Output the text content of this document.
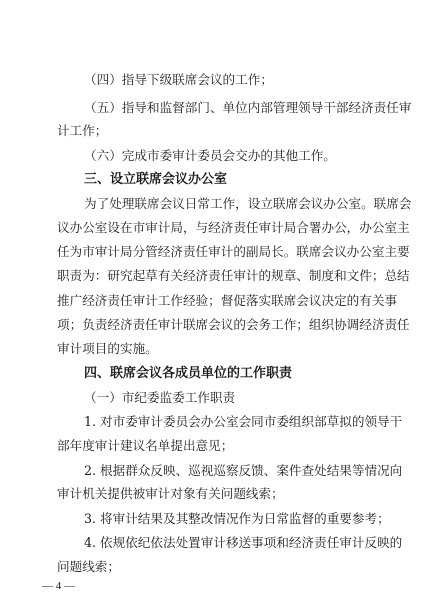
（四）指导下级联席会议的工作；
（五）指导和监督部门、单位内部管理领导干部经济责任审
计工作；
（六）完成市委审计委员会交办的其他工作。
三、设立联席会议办公室
为了处理联席会议日常工作，设立联席会议办公室。联席会
议办公室设在市审计局，与经济责任审计局合署办公，办公室主
任为市审计局分管经济责任审计的副局长。联席会议办公室主要
职责为：研究起草有关经济责任审计的规章、制度和文件；总结
推广经济责任审计工作经验；督促落实联席会议决定的有关事
项；负责经济责任审计联席会议的会务工作；组织协调经济责任
审计项目的实施。
四、联席会议各成员单位的工作职责
（一）市纪委监委工作职责
1. 对市委审计委员会办公室会同市委组织部草拟的领导干
部年度审计建议名单提出意见；
2. 根据群众反映、巡视巡察反馈、案件查处结果等情况向
审计机关提供被审计对象有关问题线索；
3. 将审计结果及其整改情况作为日常监督的重要参考；
4. 依规依纪依法处置审计移送事项和经济责任审计反映的
问题线索；
— 4 —
